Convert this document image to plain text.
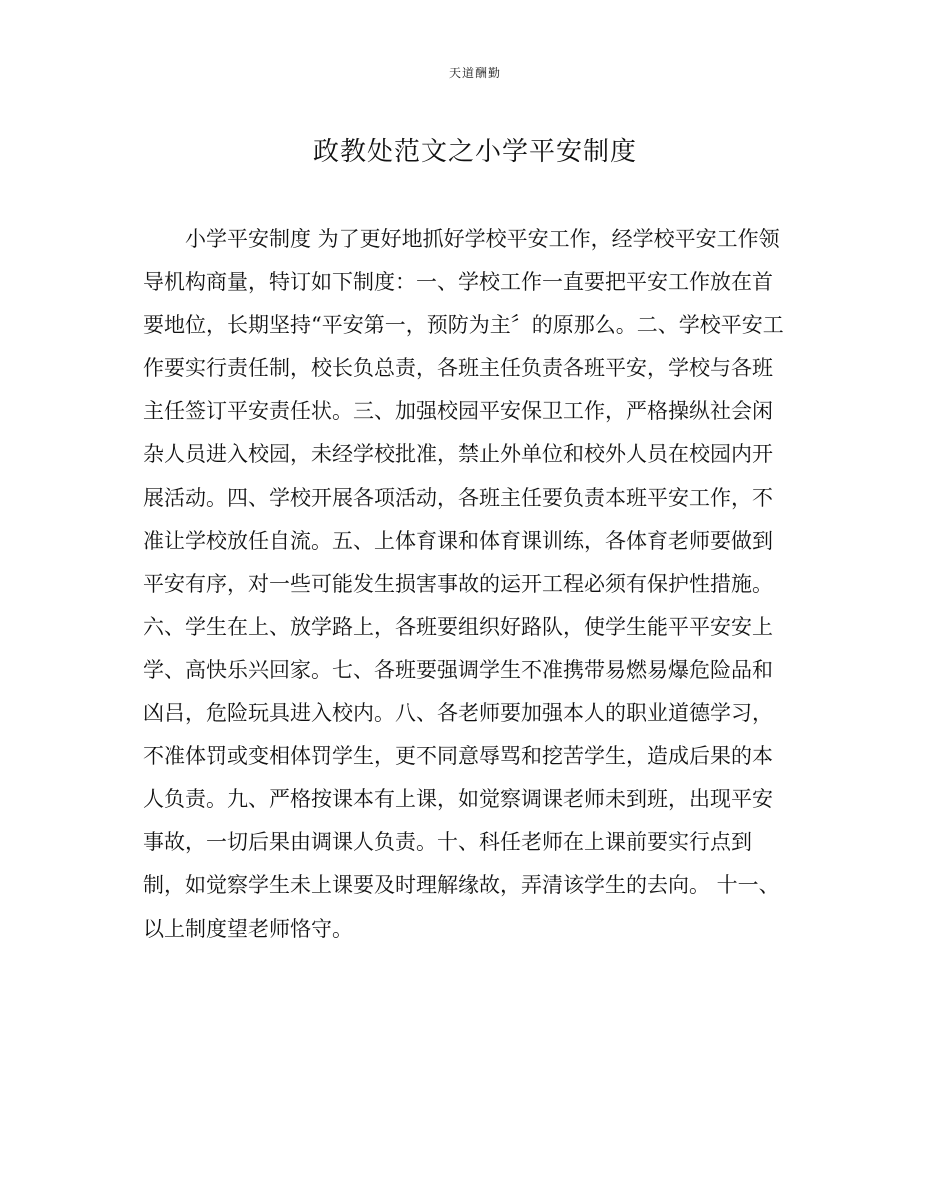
天道酬勤
政教处范文之小学平安制度
小学平安制度 为了更好地抓好学校平安工作，经学校平安工作领
导机构商量，特订如下制度：一、学校工作一直要把平安工作放在首
要地位，长期坚持“平安第一，预防为主〞的原那么。二、学校平安工
作要实行责任制，校长负总责，各班主任负责各班平安，学校与各班
主任签订平安责任状。三、加强校园平安保卫工作，严格操纵社会闲
杂人员进入校园，未经学校批准，禁止外单位和校外人员在校园内开
展活动。四、学校开展各项活动，各班主任要负责本班平安工作，不
准让学校放任自流。五、上体育课和体育课训练，各体育老师要做到
平安有序，对一些可能发生损害事故的运开工程必须有保护性措施。
六、学生在上、放学路上，各班要组织好路队，使学生能平平安安上
学、高快乐兴回家。七、各班要强调学生不准携带易燃易爆危险品和
凶吕，危险玩具进入校内。八、各老师要加强本人的职业道德学习，
不准体罚或变相体罚学生，更不同意辱骂和挖苦学生，造成后果的本
人负责。九、严格按课本有上课，如觉察调课老师未到班，出现平安
事故，一切后果由调课人负责。十、科任老师在上课前要实行点到
制，如觉察学生未上课要及时理解缘故，弄清该学生的去向。 十一、
以上制度望老师恪守。
